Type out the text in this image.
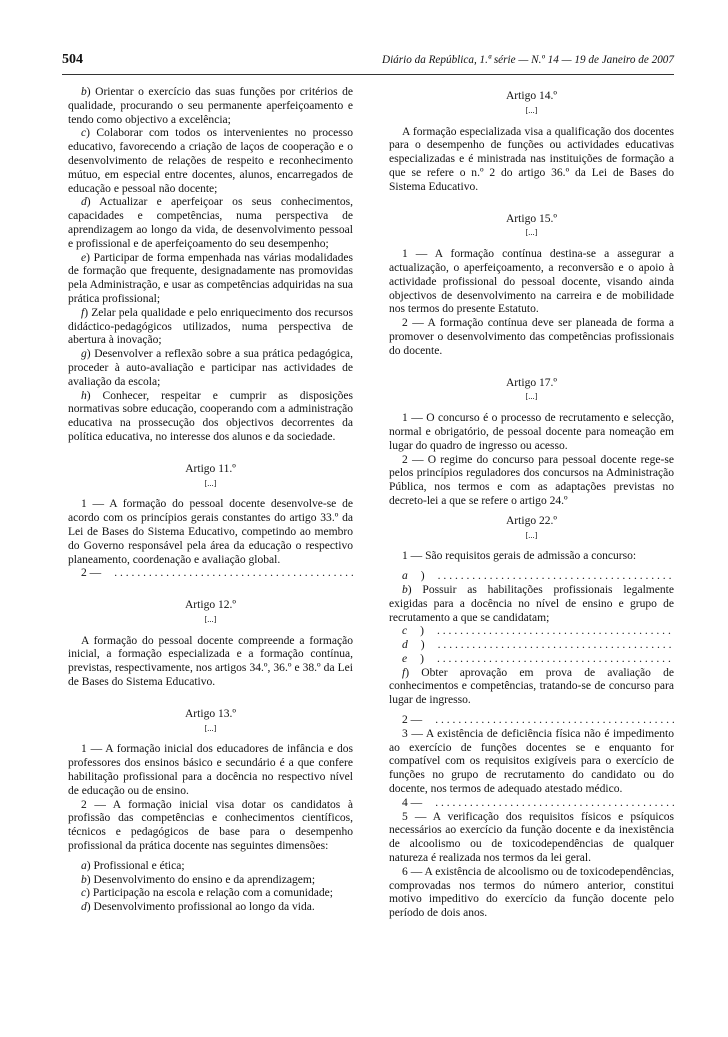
504	Diário da República, 1.ª série — N.º 14 — 19 de Janeiro de 2007

b) Orientar o exercício das suas funções por critérios de qualidade, procurando o seu permanente aperfeiçoamento e tendo como objectivo a excelência;

c) Colaborar com todos os intervenientes no processo educativo, favorecendo a criação de laços de cooperação e o desenvolvimento de relações de respeito e reconhecimento mútuo, em especial entre docentes, alunos, encarregados de educação e pessoal não docente;

d) Actualizar e aperfeiçoar os seus conhecimentos, capacidades e competências, numa perspectiva de aprendizagem ao longo da vida, de desenvolvimento pessoal e profissional e de aperfeiçoamento do seu desempenho;

e) Participar de forma empenhada nas várias modalidades de formação que frequente, designadamente nas promovidas pela Administração, e usar as competências adquiridas na sua prática profissional;

f) Zelar pela qualidade e pelo enriquecimento dos recursos didáctico-pedagógicos utilizados, numa perspectiva de abertura à inovação;

g) Desenvolver a reflexão sobre a sua prática pedagógica, proceder à auto-avaliação e participar nas actividades de avaliação da escola;

h) Conhecer, respeitar e cumprir as disposições normativas sobre educação, cooperando com a administração educativa na prossecução dos objectivos decorrentes da política educativa, no interesse dos alunos e da sociedade.

Artigo 11.º

[...]

1 — A formação do pessoal docente desenvolve-se de acordo com os princípios gerais constantes do artigo 33.º da Lei de Bases do Sistema Educativo, competindo ao membro do Governo responsável pela área da educação o respectivo planeamento, coordenação e avaliação global.

2 —
. . .

Artigo 12.º

[...]

A formação do pessoal docente compreende a formação inicial, a formação especializada e a formação contínua, previstas, respectivamente, nos artigos 34.º, 36.º e 38.º da Lei de Bases do Sistema Educativo.

Artigo 13.º

[...]

1 — A formação inicial dos educadores de infância e dos professores dos ensinos básico e secundário é a que confere habilitação profissional para a docência no respectivo nível de educação ou de ensino.

2 — A formação inicial visa dotar os candidatos à profissão das competências e conhecimentos científicos, técnicos e pedagógicos de base para o desempenho profissional da prática docente nas seguintes dimensões:

a) Profissional e ética;

b) Desenvolvimento do ensino e da aprendizagem;

c) Participação na escola e relação com a comunidade;

d) Desenvolvimento profissional ao longo da vida.

Artigo 14.º

[...]

A formação especializada visa a qualificação dos docentes para o desempenho de funções ou actividades educativas especializadas e é ministrada nas instituições de formação a que se refere o n.º 2 do artigo 36.º da Lei de Bases do Sistema Educativo.

Artigo 15.º

[...]

1 — A formação contínua destina-se a assegurar a actualização, o aperfeiçoamento, a reconversão e o apoio à actividade profissional do pessoal docente, visando ainda objectivos de desenvolvimento na carreira e de mobilidade nos termos do presente Estatuto.

2 — A formação contínua deve ser planeada de forma a promover o desenvolvimento das competências profissionais do docente.

Artigo 17.º

[...]

1 — O concurso é o processo de recrutamento e selecção, normal e obrigatório, de pessoal docente para nomeação em lugar do quadro de ingresso ou acesso.

2 — O regime do concurso para pessoal docente rege-se pelos princípios reguladores dos concursos na Administração Pública, nos termos e com as adaptações previstas no decreto-lei a que se refere o artigo 24.º

Artigo 22.º

[...]

1 — São requisitos gerais de admissão a concurso:

a	)
. . .

b) Possuir as habilitações profissionais legalmente exigidas para a docência no nível de ensino e grupo de recrutamento a que se candidatam;

c	)
. . .

d	)
. . .

e	)
. . .

f) Obter aprovação em prova de avaliação de conhecimentos e competências, tratando-se de concurso para lugar de ingresso.

2 —
. . .

3 — A existência de deficiência física não é impedimento ao exercício de funções docentes se e enquanto for compatível com os requisitos exigíveis para o exercício de funções no grupo de recrutamento do candidato ou do docente, nos termos de adequado atestado médico.

4 —
. . .

5 — A verificação dos requisitos físicos e psíquicos necessários ao exercício da função docente e da inexistência de alcoolismo ou de toxicodependências de qualquer natureza é realizada nos termos da lei geral.

6 — A existência de alcoolismo ou de toxicodependências, comprovadas nos termos do número anterior, constitui motivo impeditivo do exercício da função docente pelo período de dois anos.
